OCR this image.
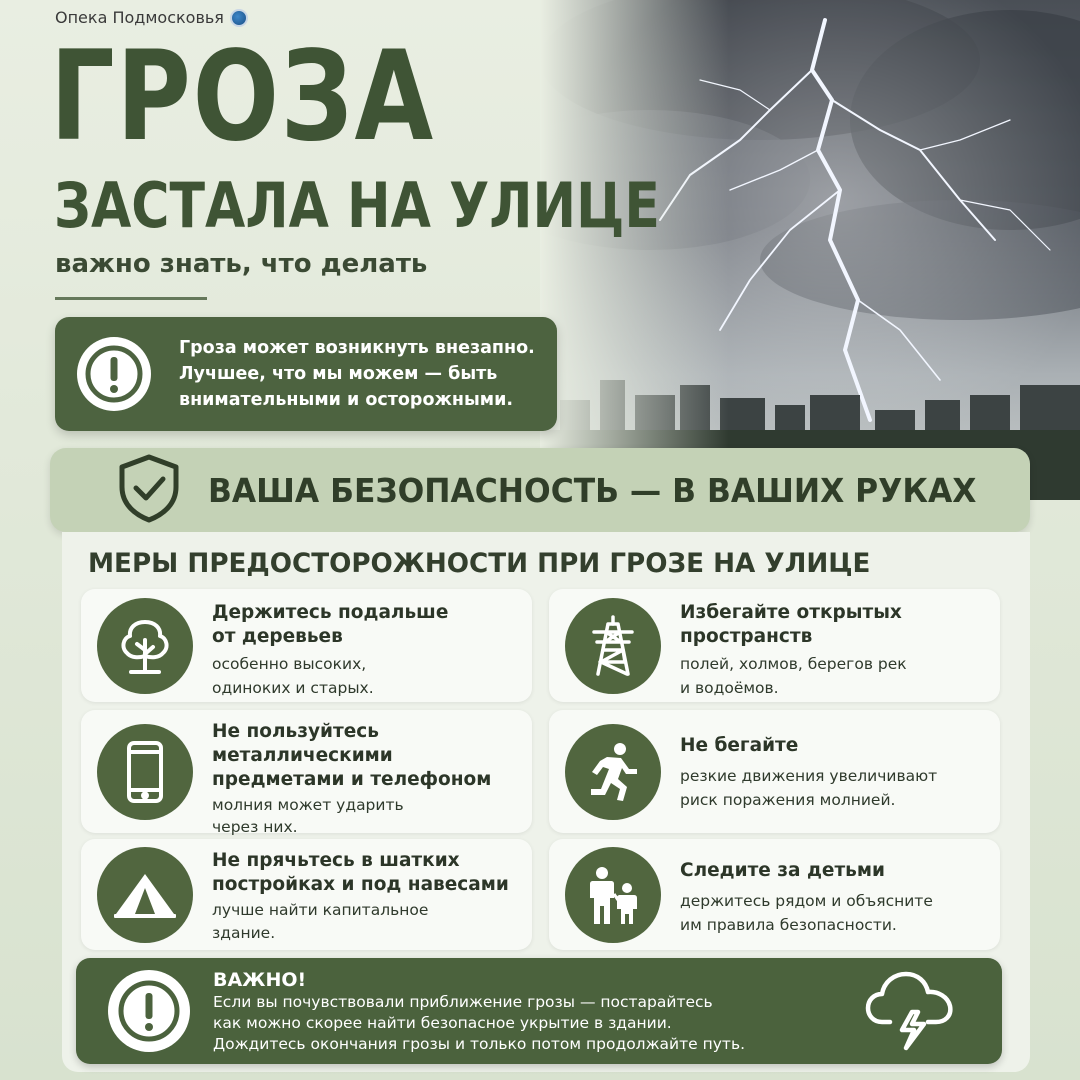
Опека Подмосковья
ГРОЗА
ЗАСТАЛА НА УЛИЦЕ
важно знать, что делать
Гроза может возникнуть внезапно.
Лучшее, что мы можем — быть
внимательными и осторожными.
ВАША БЕЗОПАСНОСТЬ — В ВАШИХ РУКАХ
МЕРЫ ПРЕДОСТОРОЖНОСТИ ПРИ ГРОЗЕ НА УЛИЦЕ
Держитесь подальше
от деревьев
особенно высоких,
одиноких и старых.
Избегайте открытых
пространств
полей, холмов, берегов рек
и водоёмов.
Не пользуйтесь
металлическими
предметами и телефоном
молния может ударить
через них.
Не бегайте
резкие движения увеличивают
риск поражения молнией.
Не прячьтесь в шатких
постройках и под навесами
лучше найти капитальное
здание.
Следите за детьми
держитесь рядом и объясните
им правила безопасности.
ВАЖНО!
Если вы почувствовали приближение грозы — постарайтесь
как можно скорее найти безопасное укрытие в здании.
Дождитесь окончания грозы и только потом продолжайте путь.
